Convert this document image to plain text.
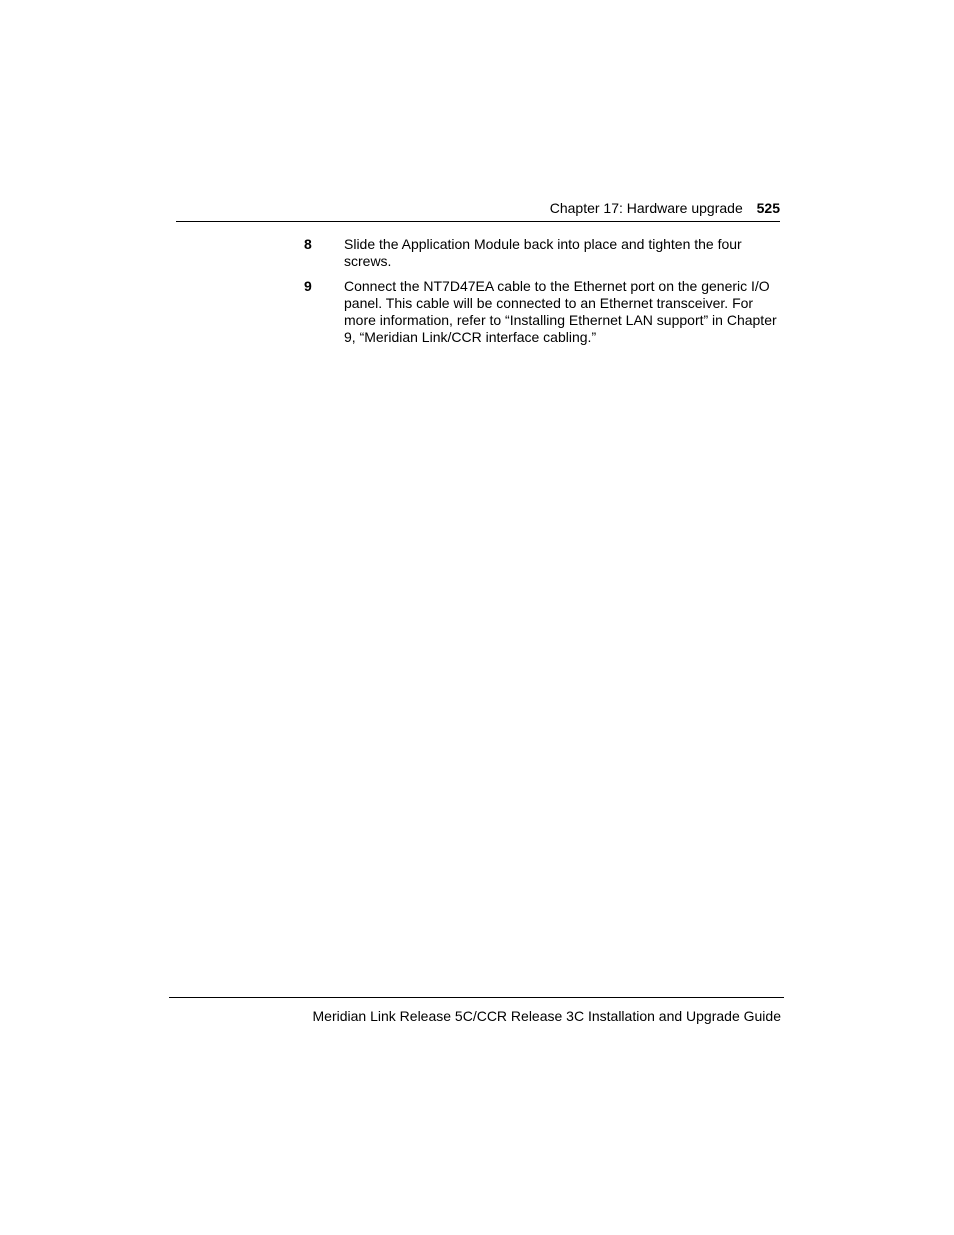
Chapter 17: Hardware upgrade 525
8	Slide the Application Module back into place and tighten the four screws.
9	Connect the NT7D47EA cable to the Ethernet port on the generic I/O panel. This cable will be connected to an Ethernet transceiver. For more information, refer to “Installing Ethernet LAN support” in Chapter 9, “Meridian Link/CCR interface cabling.”
Meridian Link Release 5C/CCR Release 3C Installation and Upgrade Guide
